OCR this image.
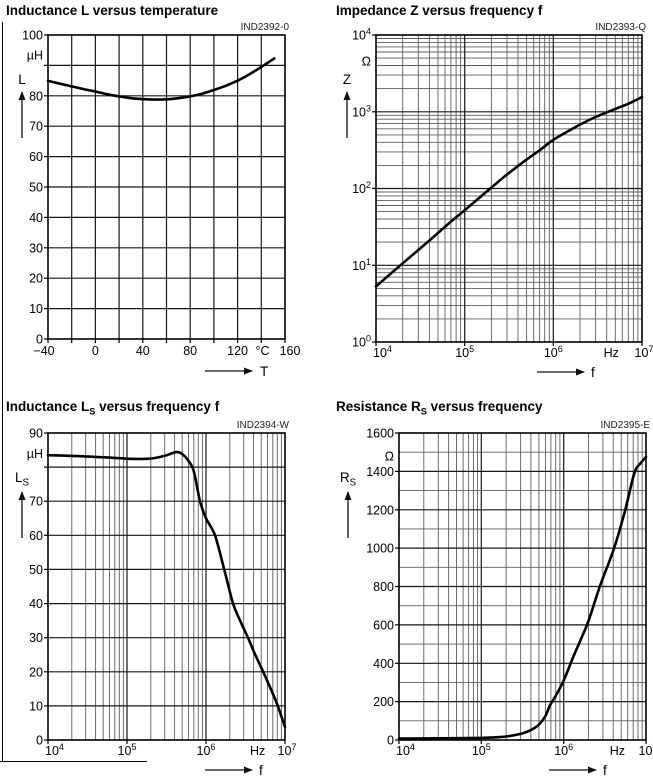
Inductance L versus temperature	Impedance Z versus frequency f
Inductance $L_S$ versus frequency f	Resistance $R_S$ versus frequency
−40	0	40	80 120 °C 160
100
80
70
60
50
40
30
20
10
0
µH
L
T
IND2392-0
$10^4$	$10^5$	$10^6$	Hz $10^7$
$10^4$
$10^3$
$10^2$
$10^1$
$10^0$
Ω
Z
f
IND2393-Q
$10^4$	$10^5$	$10^6$	Hz $10^7$
90
70
60
50
40
30
20
10
0
µH
$L_S$
f
IND2394-W
$10^4$	$10^5$	$10^6$	Hz 10
1600
1400
1200
1000
800
600
400
200
0
Ω
$R_S$
f
IND2395-E
